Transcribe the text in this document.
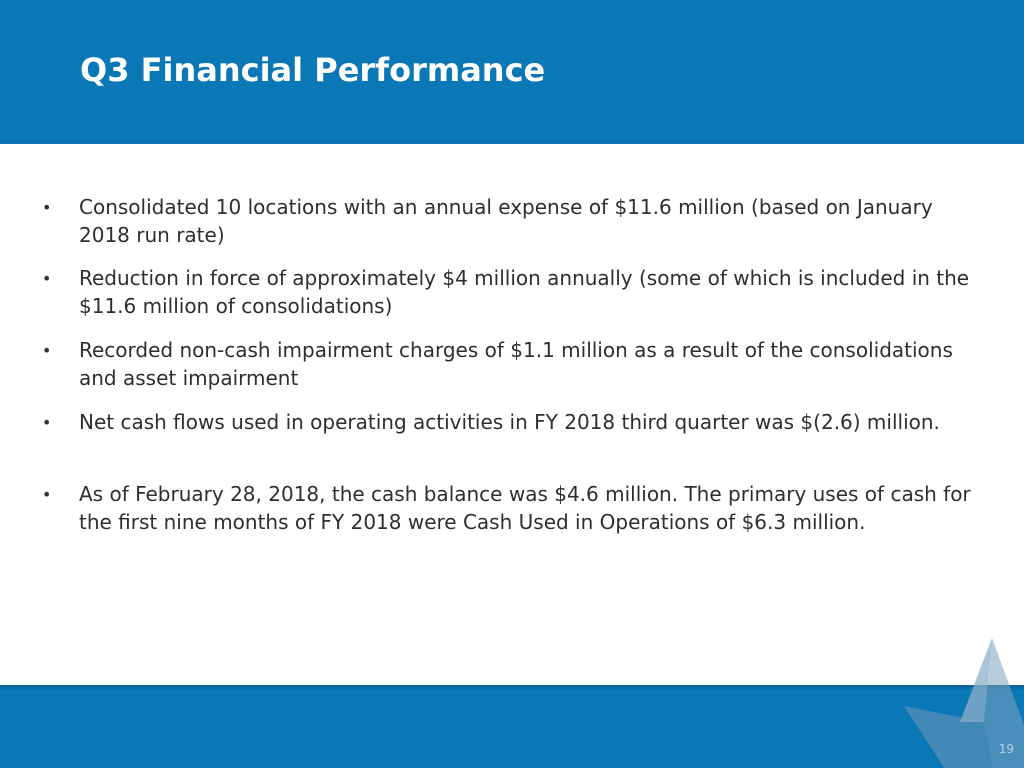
Q3 Financial Performance
• Consolidated 10 locations with an annual expense of $11.6 million (based on January 2018 run rate)
• Reduction in force of approximately $4 million annually (some of which is included in the $11.6 million of consolidations)
• Recorded non-cash impairment charges of $1.1 million as a result of the consolidations and asset impairment
• Net cash flows used in operating activities in FY 2018 third quarter was $(2.6) million.
• As of February 28, 2018, the cash balance was $4.6 million. The primary uses of cash for the first nine months of FY 2018 were Cash Used in Operations of $6.3 million.
